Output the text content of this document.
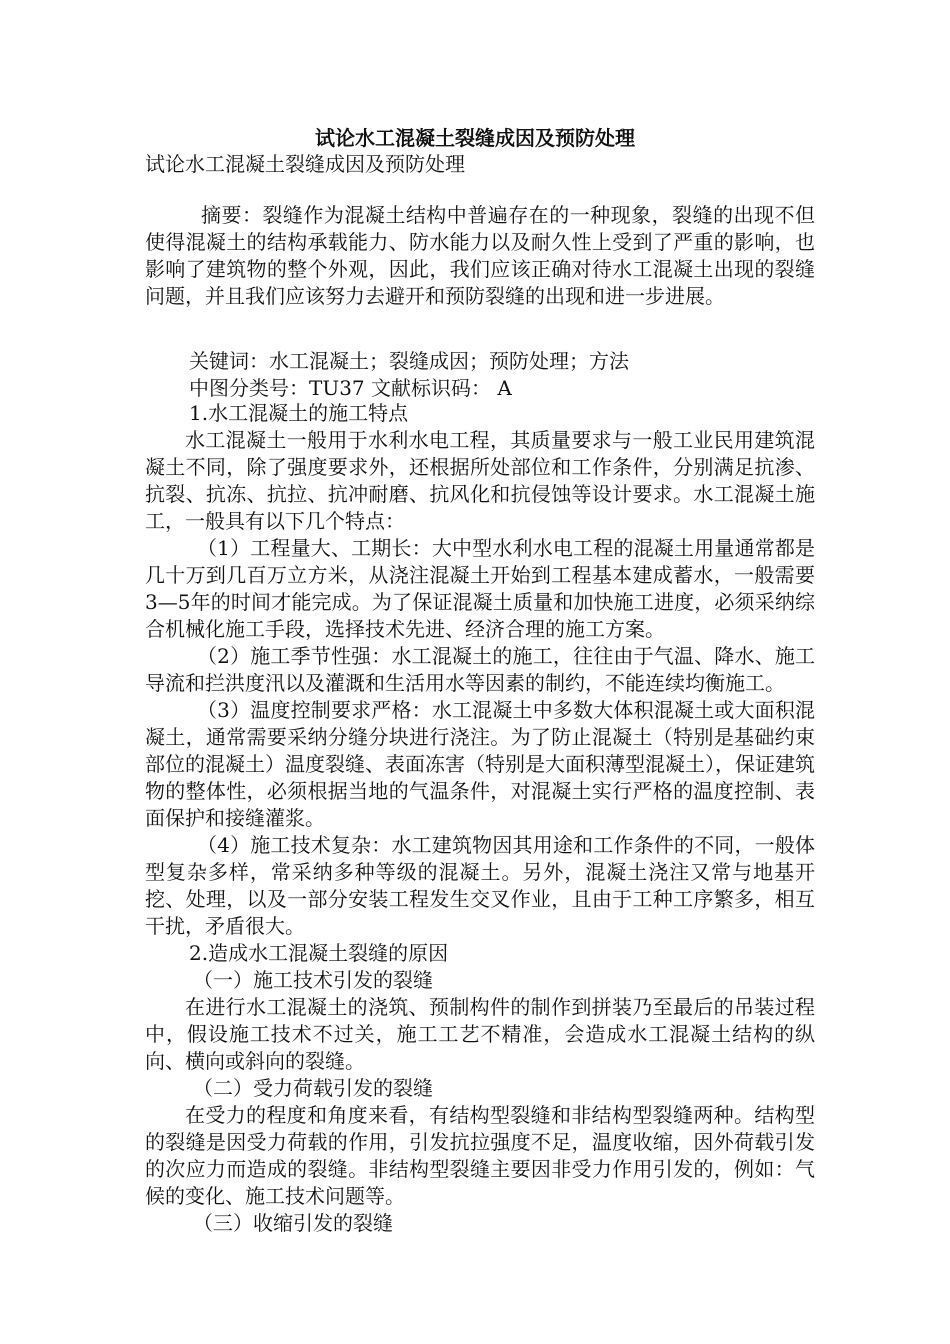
试论水工混凝土裂缝成因及预防处理
试论水工混凝土裂缝成因及预防处理

摘要：裂缝作为混凝土结构中普遍存在的一种现象，裂缝的出现不但使得混凝土的结构承载能力、防水能力以及耐久性上受到了严重的影响，也影响了建筑物的整个外观，因此，我们应该正确对待水工混凝土出现的裂缝问题，并且我们应该努力去避开和预防裂缝的出现和进一步进展。

关键词：水工混凝土；裂缝成因；预防处理；方法
中图分类号：TU37 文献标识码： A
1.水工混凝土的施工特点

水工混凝土一般用于水利水电工程，其质量要求与一般工业民用建筑混凝土不同，除了强度要求外，还根据所处部位和工作条件，分别满足抗渗、抗裂、抗冻、抗拉、抗冲耐磨、抗风化和抗侵蚀等设计要求。水工混凝土施工，一般具有以下几个特点：

（1）工程量大、工期长：大中型水利水电工程的混凝土用量通常都是几十万到几百万立方米，从浇注混凝土开始到工程基本建成蓄水，一般需要3—5年的时间才能完成。为了保证混凝土质量和加快施工进度，必须采纳综合机械化施工手段，选择技术先进、经济合理的施工方案。

（2）施工季节性强：水工混凝土的施工，往往由于气温、降水、施工导流和拦洪度汛以及灌溉和生活用水等因素的制约，不能连续均衡施工。

（3）温度控制要求严格：水工混凝土中多数大体积混凝土或大面积混凝土，通常需要采纳分缝分块进行浇注。为了防止混凝土（特别是基础约束部位的混凝土）温度裂缝、表面冻害（特别是大面积薄型混凝土），保证建筑物的整体性，必须根据当地的气温条件，对混凝土实行严格的温度控制、表面保护和接缝灌浆。

（4）施工技术复杂：水工建筑物因其用途和工作条件的不同，一般体型复杂多样，常采纳多种等级的混凝土。另外，混凝土浇注又常与地基开挖、处理，以及一部分安装工程发生交叉作业，且由于工种工序繁多，相互干扰，矛盾很大。

2.造成水工混凝土裂缝的原因
（一）施工技术引发的裂缝

在进行水工混凝土的浇筑、预制构件的制作到拼装乃至最后的吊装过程中，假设施工技术不过关，施工工艺不精准，会造成水工混凝土结构的纵向、横向或斜向的裂缝。

（二）受力荷载引发的裂缝

在受力的程度和角度来看，有结构型裂缝和非结构型裂缝两种。结构型的裂缝是因受力荷载的作用，引发抗拉强度不足，温度收缩，因外荷载引发的次应力而造成的裂缝。非结构型裂缝主要因非受力作用引发的，例如：气候的变化、施工技术问题等。

（三）收缩引发的裂缝
